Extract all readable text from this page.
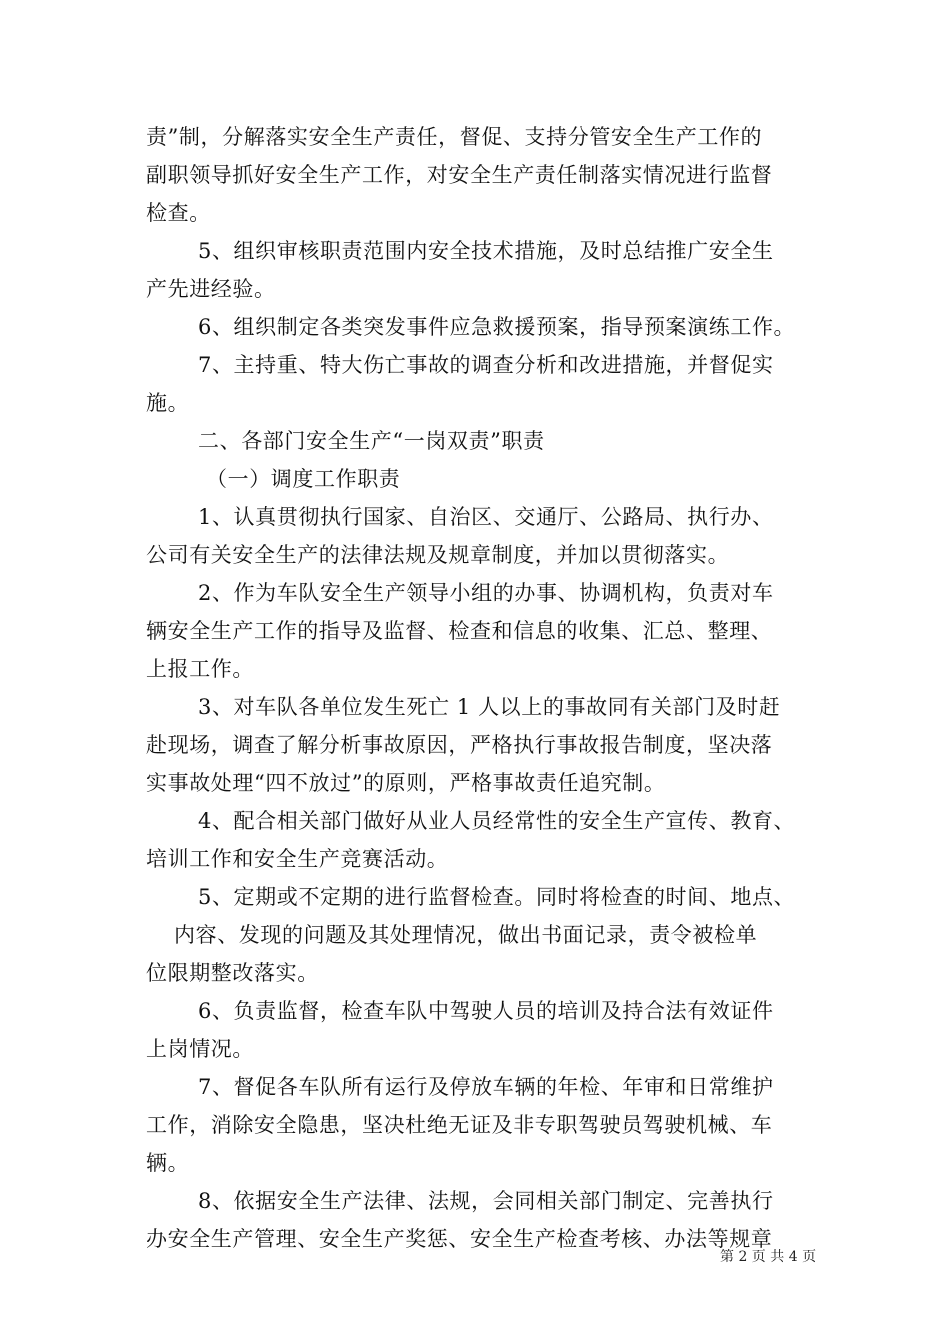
责”制，分解落实安全生产责任，督促、支持分管安全生产工作的
副职领导抓好安全生产工作，对安全生产责任制落实情况进行监督
检查。
5、组织审核职责范围内安全技术措施，及时总结推广安全生
产先进经验。
6、组织制定各类突发事件应急救援预案，指导预案演练工作。
7、主持重、特大伤亡事故的调查分析和改进措施，并督促实
施。
二、各部门安全生产“一岗双责”职责
（一）调度工作职责
1、认真贯彻执行国家、自治区、交通厅、公路局、执行办、
公司有关安全生产的法律法规及规章制度，并加以贯彻落实。
2、作为车队安全生产领导小组的办事、协调机构，负责对车
辆安全生产工作的指导及监督、检查和信息的收集、汇总、整理、
上报工作。
3、对车队各单位发生死亡 1 人以上的事故同有关部门及时赶
赴现场，调查了解分析事故原因，严格执行事故报告制度，坚决落
实事故处理“四不放过”的原则，严格事故责任追究制。
4、配合相关部门做好从业人员经常性的安全生产宣传、教育、
培训工作和安全生产竞赛活动。
5、定期或不定期的进行监督检查。同时将检查的时间、地点、
内容、发现的问题及其处理情况，做出书面记录，责令被检单
位限期整改落实。
6、负责监督，检查车队中驾驶人员的培训及持合法有效证件
上岗情况。
7、督促各车队所有运行及停放车辆的年检、年审和日常维护
工作，消除安全隐患，坚决杜绝无证及非专职驾驶员驾驶机械、车
辆。
8、依据安全生产法律、法规，会同相关部门制定、完善执行
办安全生产管理、安全生产奖惩、安全生产检查考核、办法等规章
第 2 页 共 4 页
